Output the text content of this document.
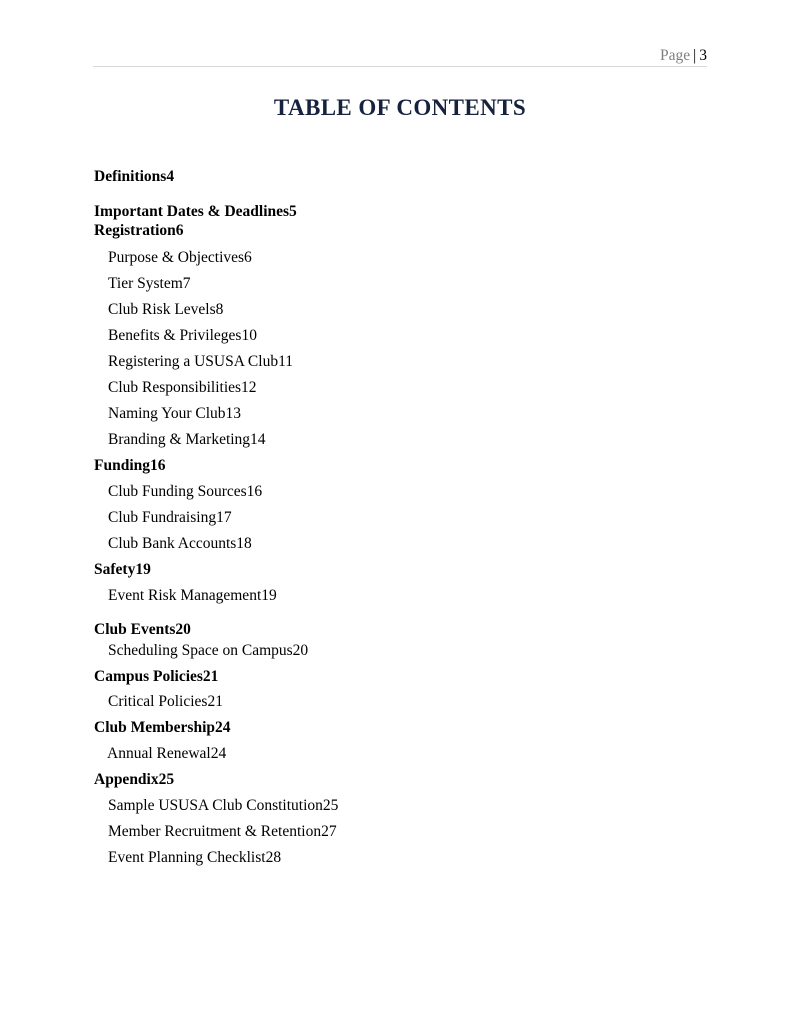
Page | 3
TABLE OF CONTENTS
Definitions4
Important Dates & Deadlines5
Registration6
Purpose & Objectives6
Tier System7
Club Risk Levels8
Benefits & Privileges10
Registering a USUSA Club11
Club Responsibilities12
Naming Your Club13
Branding & Marketing14
Funding16
Club Funding Sources16
Club Fundraising17
Club Bank Accounts18
Safety19
Event Risk Management19
Club Events20
Scheduling Space on Campus20
Campus Policies21
Critical Policies21
Club Membership24
Annual Renewal24
Appendix25
Sample USUSA Club Constitution25
Member Recruitment & Retention27
Event Planning Checklist28
